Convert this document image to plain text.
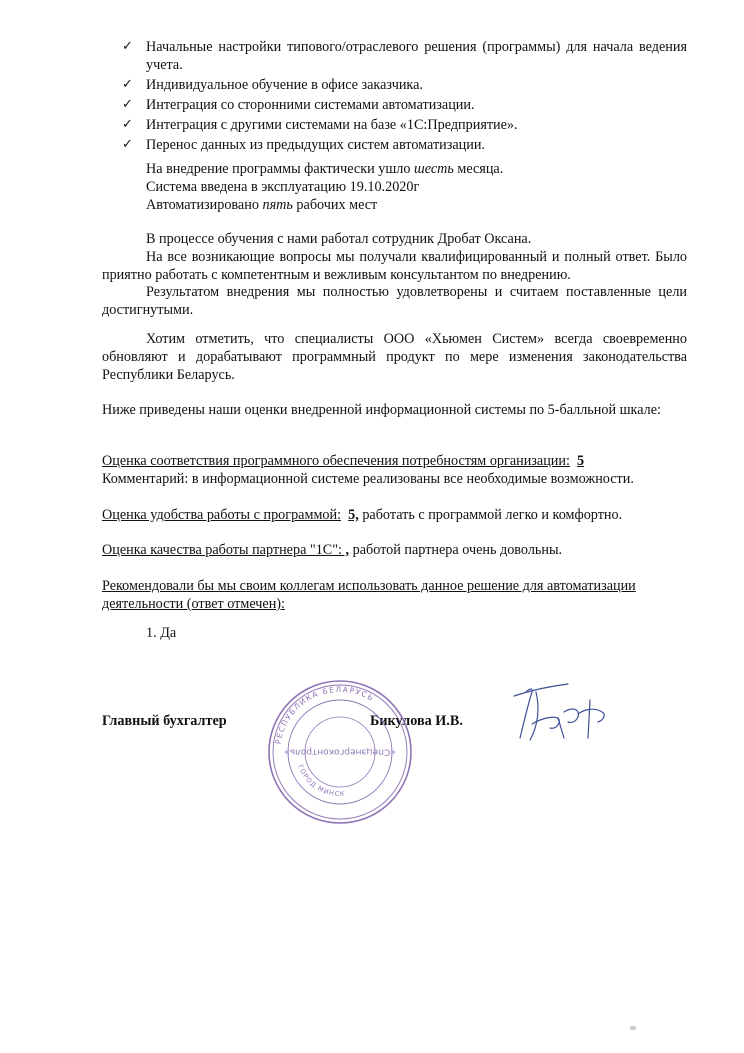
✓ Начальные настройки типового/отраслевого решения (программы) для начала ведения учета.
✓ Индивидуальное обучение в офисе заказчика.
✓ Интеграция со сторонними системами автоматизации.
✓ Интеграция с другими системами на базе «1С:Предприятие».
✓ Перенос данных из предыдущих систем автоматизации.
На внедрение программы фактически ушло шесть месяца.
Система введена в эксплуатацию 19.10.2020г
Автоматизировано пять рабочих мест
В процессе обучения с нами работал сотрудник Дробат Оксана.
На все возникающие вопросы мы получали квалифицированный и полный ответ. Было приятно работать с компетентным и вежливым консультантом по внедрению.
Результатом внедрения мы полностью удовлетворены и считаем поставленные цели достигнутыми.
Хотим отметить, что специалисты ООО «Хьюмен Систем» всегда своевременно обновляют и дорабатывают программный продукт по мере изменения законодательства Республики Беларусь.
Ниже приведены наши оценки внедренной информационной системы по 5-балльной шкале:
Оценка соответствия программного обеспечения потребностям организации: 5
Комментарий: в информационной системе реализованы все необходимые возможности.
Оценка удобства работы с программой: 5, работать с программой легко и комфортно.
Оценка качества работы партнера "1С": , работой партнера очень довольны.
Рекомендовали бы мы своим коллегам использовать данное решение для автоматизации деятельности (ответ отмечен):
1. Да
Главный бухгалтер	Бикулова И.В.
РЕСПУБЛИКА БЕЛАРУСЬ
ГОРОД МИНСК
«Спецэнергоконтроль»
